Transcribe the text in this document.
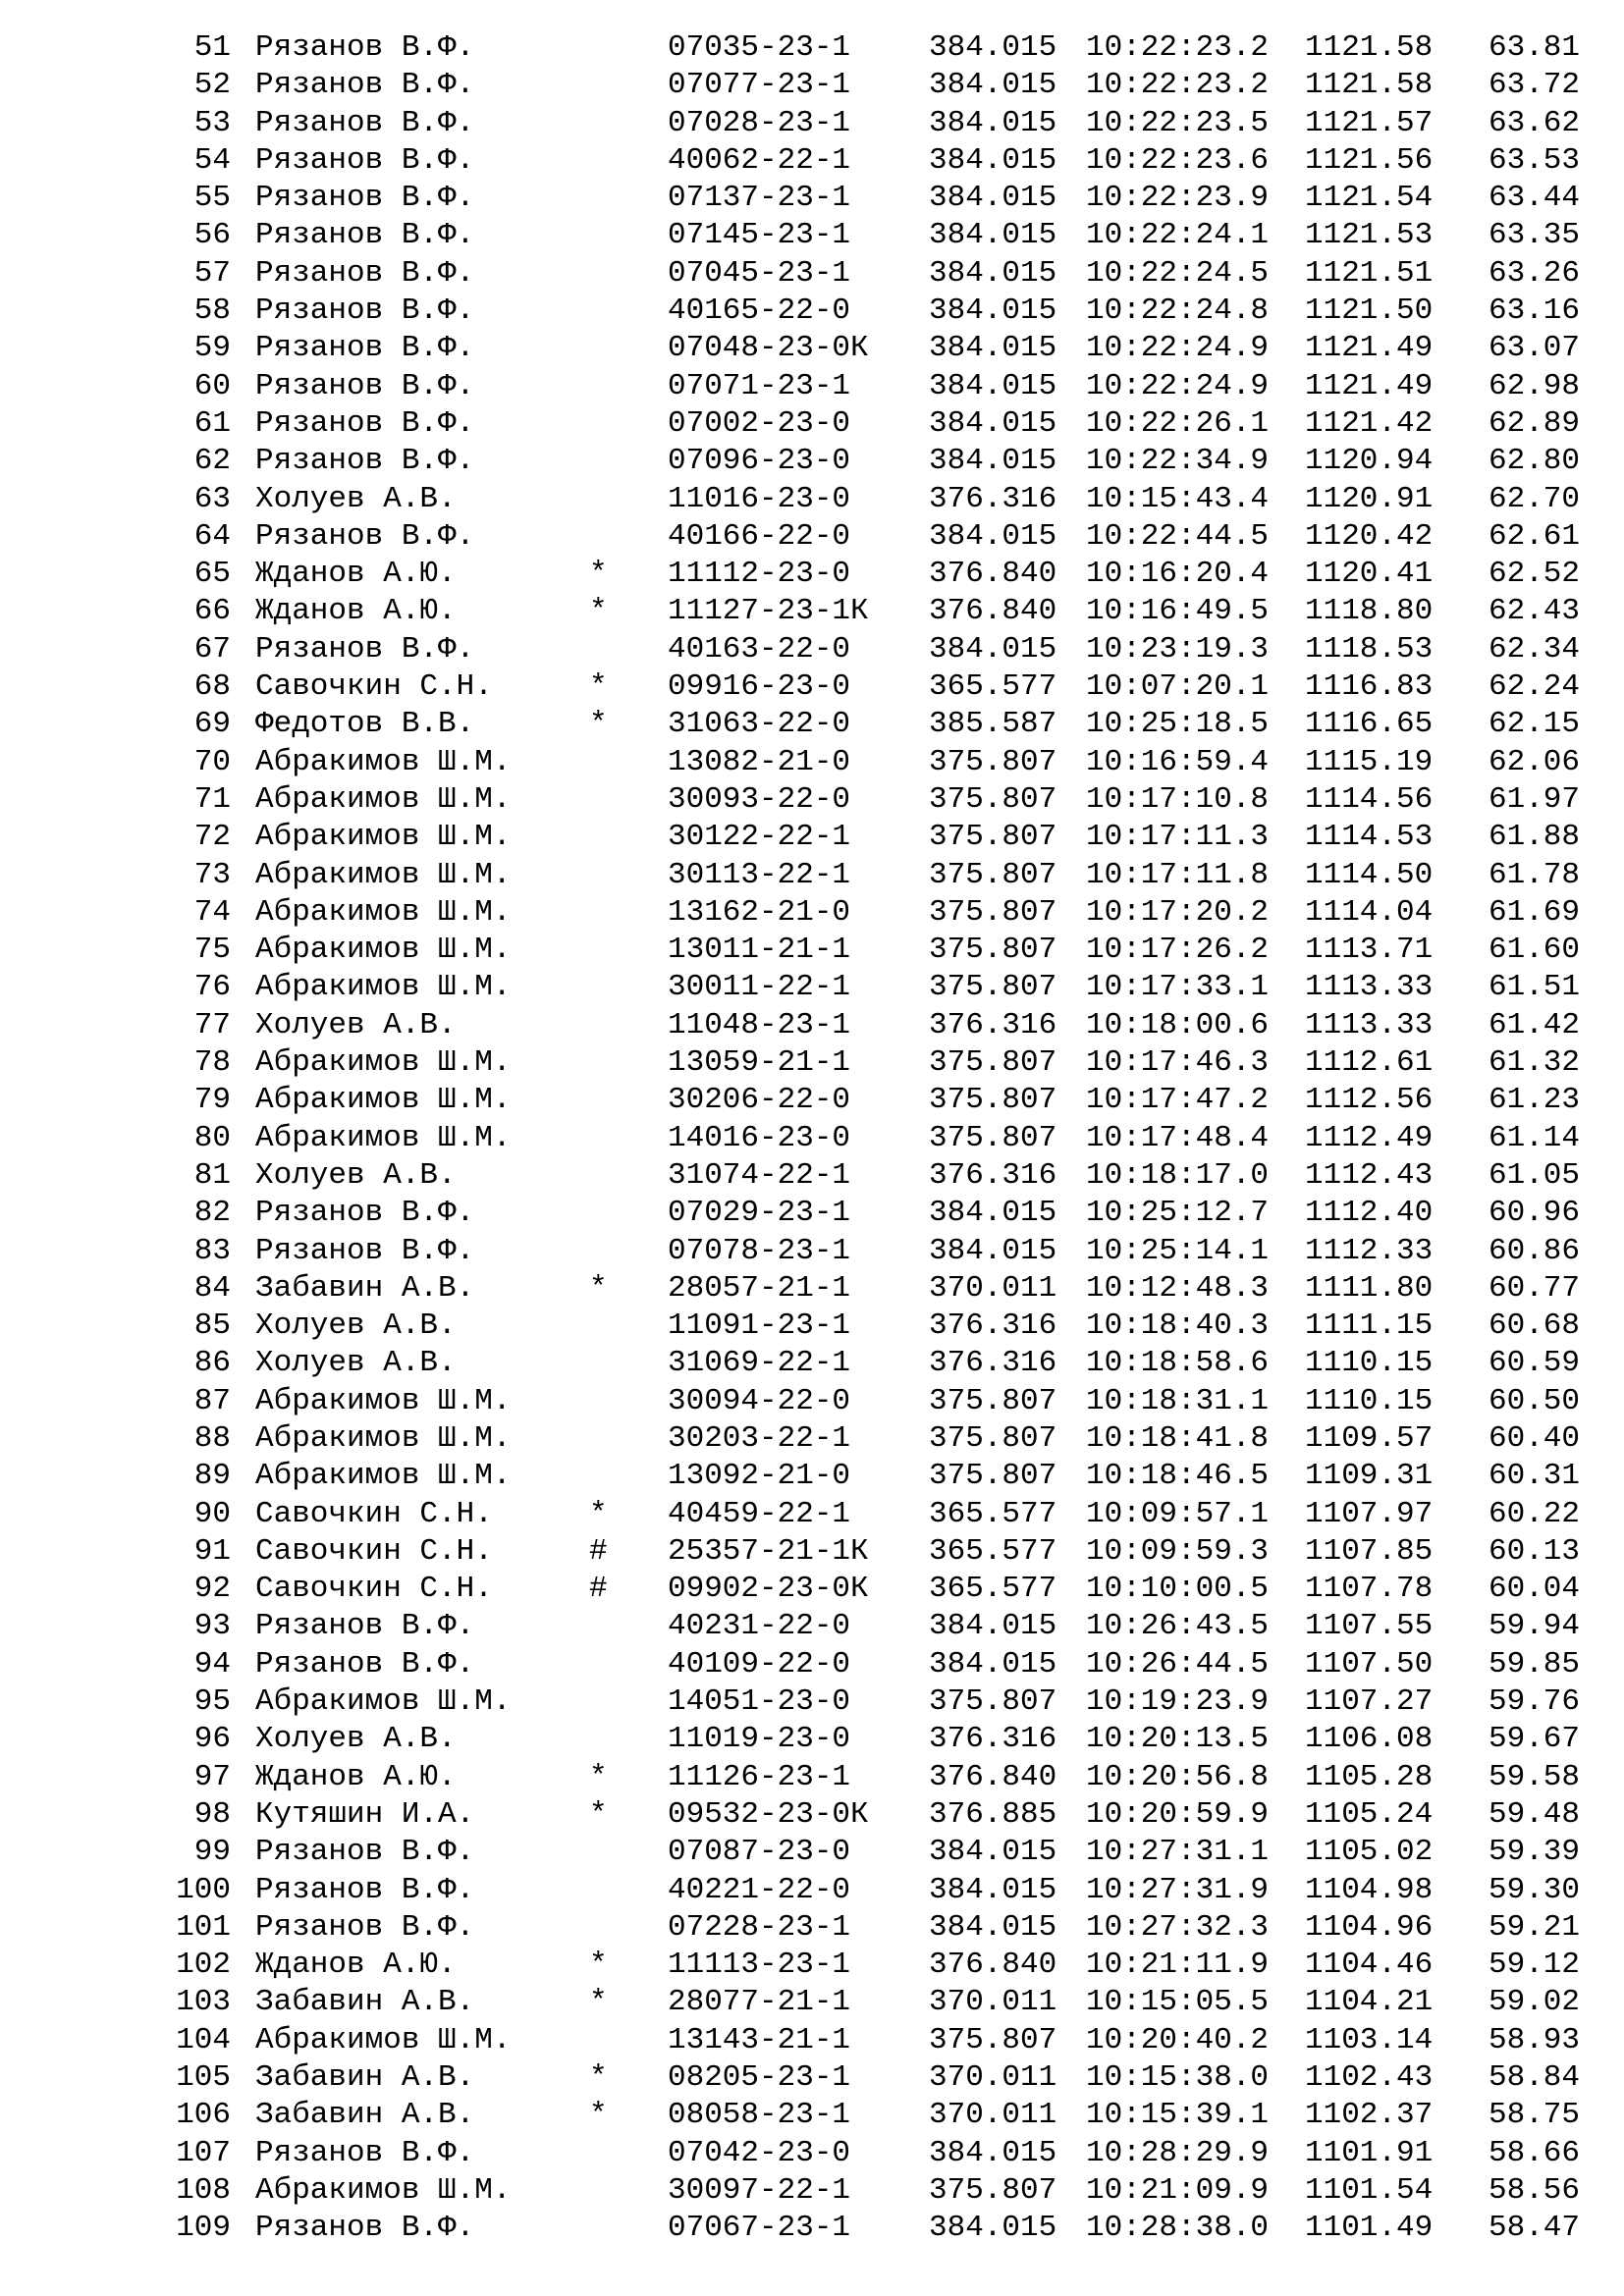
51 Рязанов В.Ф.	07035-23-1	384.015 10:22:23.2 1121.58 63.81
52 Рязанов В.Ф.	07077-23-1	384.015 10:22:23.2 1121.58 63.72
53 Рязанов В.Ф.	07028-23-1	384.015 10:22:23.5 1121.57 63.62
54 Рязанов В.Ф.	40062-22-1	384.015 10:22:23.6 1121.56 63.53
55 Рязанов В.Ф.	07137-23-1	384.015 10:22:23.9 1121.54 63.44
56 Рязанов В.Ф.	07145-23-1	384.015 10:22:24.1 1121.53 63.35
57 Рязанов В.Ф.	07045-23-1	384.015 10:22:24.5 1121.51 63.26
58 Рязанов В.Ф.	40165-22-0	384.015 10:22:24.8 1121.50 63.16
59 Рязанов В.Ф.	07048-23-0К 384.015 10:22:24.9 1121.49 63.07
60 Рязанов В.Ф.	07071-23-1	384.015 10:22:24.9 1121.49 62.98
61 Рязанов В.Ф.	07002-23-0	384.015 10:22:26.1 1121.42 62.89
62 Рязанов В.Ф.	07096-23-0	384.015 10:22:34.9 1120.94 62.80
63 Холуев А.В.	11016-23-0	376.316 10:15:43.4 1120.91 62.70
64 Рязанов В.Ф.	40166-22-0	384.015 10:22:44.5 1120.42 62.61
65 Жданов А.Ю.	* 11112-23-0	376.840 10:16:20.4 1120.41 62.52
66 Жданов А.Ю.	* 11127-23-1К 376.840 10:16:49.5 1118.80 62.43
67 Рязанов В.Ф.	40163-22-0	384.015 10:23:19.3 1118.53 62.34
68 Савочкин С.Н.	* 09916-23-0	365.577 10:07:20.1 1116.83 62.24
69 Федотов В.В.	* 31063-22-0	385.587 10:25:18.5 1116.65 62.15
70 Абракимов Ш.М.	13082-21-0	375.807 10:16:59.4 1115.19 62.06
71 Абракимов Ш.М.	30093-22-0	375.807 10:17:10.8 1114.56 61.97
72 Абракимов Ш.М.	30122-22-1	375.807 10:17:11.3 1114.53 61.88
73 Абракимов Ш.М.	30113-22-1	375.807 10:17:11.8 1114.50 61.78
74 Абракимов Ш.М.	13162-21-0	375.807 10:17:20.2 1114.04 61.69
75 Абракимов Ш.М.	13011-21-1	375.807 10:17:26.2 1113.71 61.60
76 Абракимов Ш.М.	30011-22-1	375.807 10:17:33.1 1113.33 61.51
77 Холуев А.В.	11048-23-1	376.316 10:18:00.6 1113.33 61.42
78 Абракимов Ш.М.	13059-21-1	375.807 10:17:46.3 1112.61 61.32
79 Абракимов Ш.М.	30206-22-0	375.807 10:17:47.2 1112.56 61.23
80 Абракимов Ш.М.	14016-23-0	375.807 10:17:48.4 1112.49 61.14
81 Холуев А.В.	31074-22-1	376.316 10:18:17.0 1112.43 61.05
82 Рязанов В.Ф.	07029-23-1	384.015 10:25:12.7 1112.40 60.96
83 Рязанов В.Ф.	07078-23-1	384.015 10:25:14.1 1112.33 60.86
84 Забавин А.В.	* 28057-21-1	370.011 10:12:48.3 1111.80 60.77
85 Холуев А.В.	11091-23-1	376.316 10:18:40.3 1111.15 60.68
86 Холуев А.В.	31069-22-1	376.316 10:18:58.6 1110.15 60.59
87 Абракимов Ш.М.	30094-22-0	375.807 10:18:31.1 1110.15 60.50
88 Абракимов Ш.М.	30203-22-1	375.807 10:18:41.8 1109.57 60.40
89 Абракимов Ш.М.	13092-21-0	375.807 10:18:46.5 1109.31 60.31
90 Савочкин С.Н.	* 40459-22-1	365.577 10:09:57.1 1107.97 60.22
91 Савочкин С.Н.	# 25357-21-1К 365.577 10:09:59.3 1107.85 60.13
92 Савочкин С.Н.	# 09902-23-0К 365.577 10:10:00.5 1107.78 60.04
93 Рязанов В.Ф.	40231-22-0	384.015 10:26:43.5 1107.55 59.94
94 Рязанов В.Ф.	40109-22-0	384.015 10:26:44.5 1107.50 59.85
95 Абракимов Ш.М.	14051-23-0	375.807 10:19:23.9 1107.27 59.76
96 Холуев А.В.	11019-23-0	376.316 10:20:13.5 1106.08 59.67
97 Жданов А.Ю.	* 11126-23-1	376.840 10:20:56.8 1105.28 59.58
98 Кутяшин И.А.	* 09532-23-0К 376.885 10:20:59.9 1105.24 59.48
99 Рязанов В.Ф.	07087-23-0	384.015 10:27:31.1 1105.02 59.39
100 Рязанов В.Ф.	40221-22-0	384.015 10:27:31.9 1104.98 59.30
101 Рязанов В.Ф.	07228-23-1	384.015 10:27:32.3 1104.96 59.21
102 Жданов А.Ю.	* 11113-23-1	376.840 10:21:11.9 1104.46 59.12
103 Забавин А.В.	* 28077-21-1	370.011 10:15:05.5 1104.21 59.02
104 Абракимов Ш.М.	13143-21-1	375.807 10:20:40.2 1103.14 58.93
105 Забавин А.В.	* 08205-23-1	370.011 10:15:38.0 1102.43 58.84
106 Забавин А.В.	* 08058-23-1	370.011 10:15:39.1 1102.37 58.75
107 Рязанов В.Ф.	07042-23-0	384.015 10:28:29.9 1101.91 58.66
108 Абракимов Ш.М.	30097-22-1	375.807 10:21:09.9 1101.54 58.56
109 Рязанов В.Ф.	07067-23-1	384.015 10:28:38.0 1101.49 58.47
